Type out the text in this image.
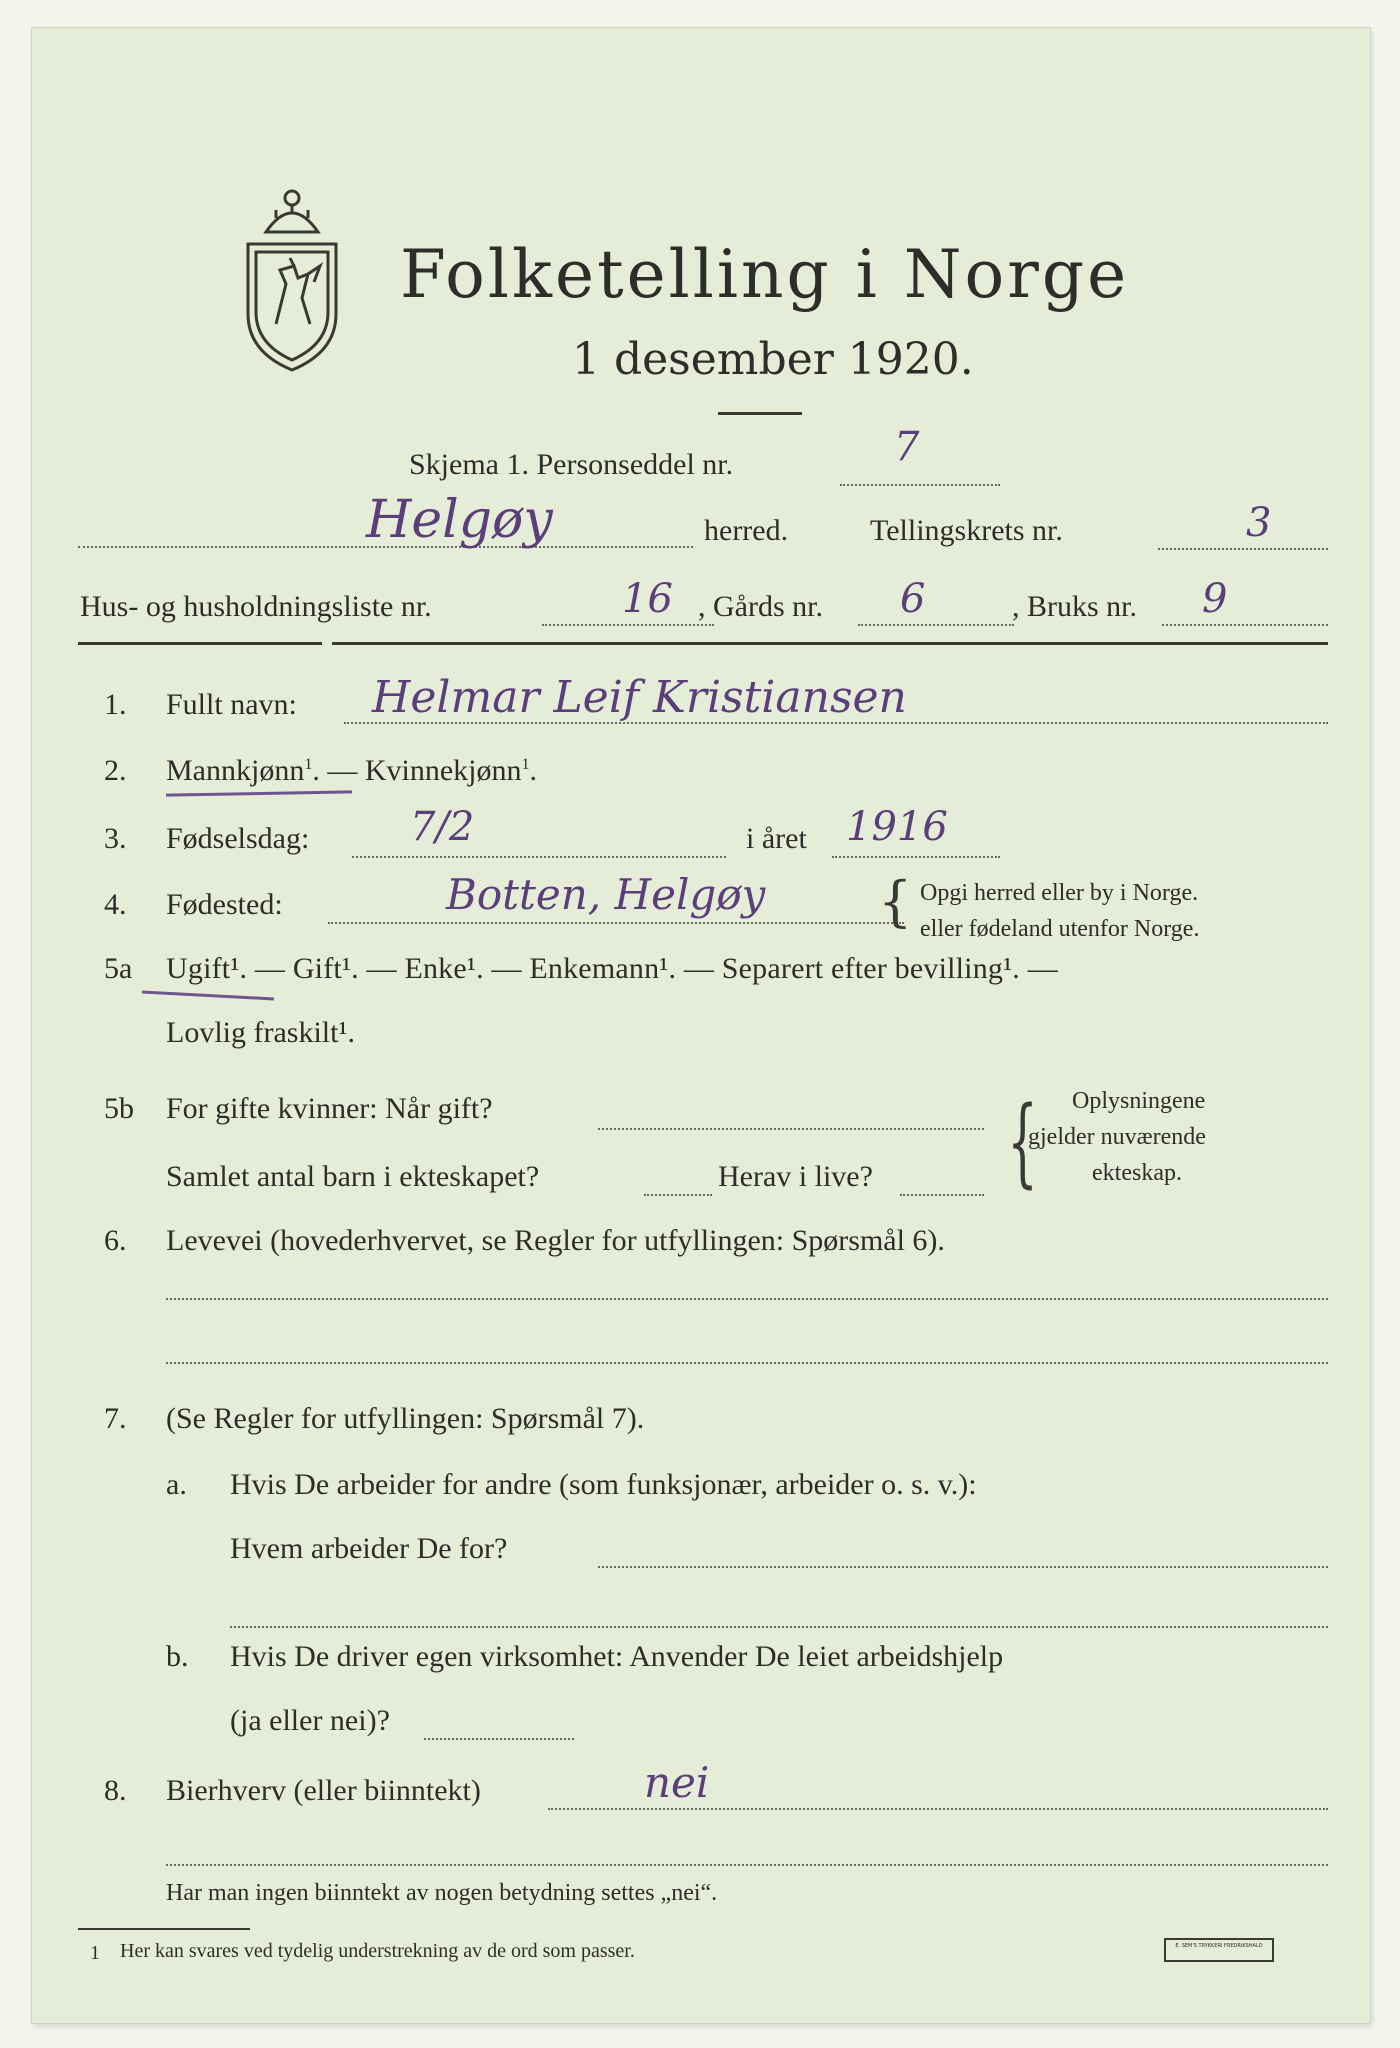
Folketelling i Norge
1 desember 1920.
Skjema 1. Personseddel nr.	7
Helgøy	herred.	Tellingskrets nr.	3
Hus- og husholdningsliste nr.	16 , Gårds nr. 6	, Bruks nr. 9
1. Fullt navn: Helmar Leif Kristiansen
2. Mannkjønn$^1$. — Kvinnekjønn$^1$.
3. Fødselsdag:	7/2	i året 1916
4. Fødested:	Botten, Helgøy { Opgi herred eller by i Norge.
eller fødeland utenfor Norge.
5a Ugift¹. — Gift¹. — Enke¹. — Enkemann¹. — Separert efter bevilling¹. —
Lovlig fraskilt¹.
5b For gifte kvinner: Når gift?
Samlet antal barn i ekteskapet?	Herav i live? { Oplysningene
gjelder nuværende
ekteskap.
6. Levevei (hovederhvervet, se Regler for utfyllingen: Spørsmål 6).
7. (Se Regler for utfyllingen: Spørsmål 7).
a. Hvis De arbeider for andre (som funksjonær, arbeider o. s. v.):
Hvem arbeider De for?
b. Hvis De driver egen virksomhet: Anvender De leiet arbeidshjelp
(ja eller nei)?
8. Bierhverv (eller biinntekt)	nei
Har man ingen biinntekt av nogen betydning settes „nei“.
1 Her kan svares ved tydelig understrekning av de ord som passer.	E. SEM'S TRYKKERI FREDRIKSHALD
